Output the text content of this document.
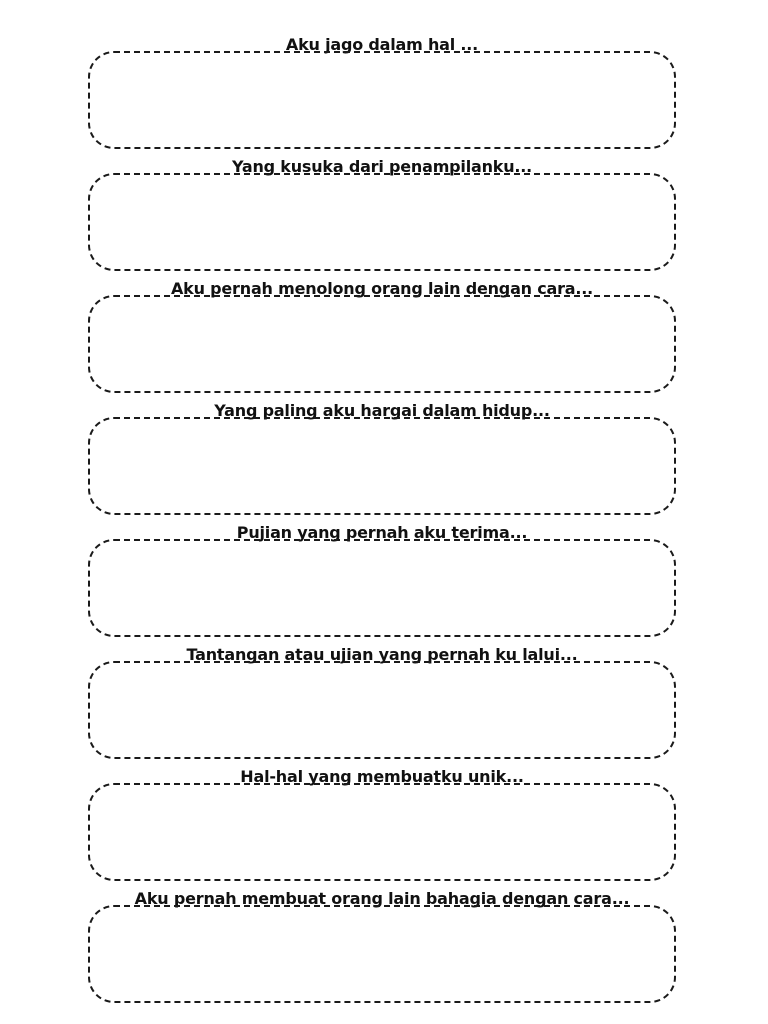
Aku jago dalam hal ...
Yang kusuka dari penampilanku...
Aku pernah menolong orang lain dengan cara...
Yang paling aku hargai dalam hidup...
Pujian yang pernah aku terima...
Tantangan atau ujian yang pernah ku lalui...
Hal-hal yang membuatku unik...
Aku pernah membuat orang lain bahagia dengan cara...
